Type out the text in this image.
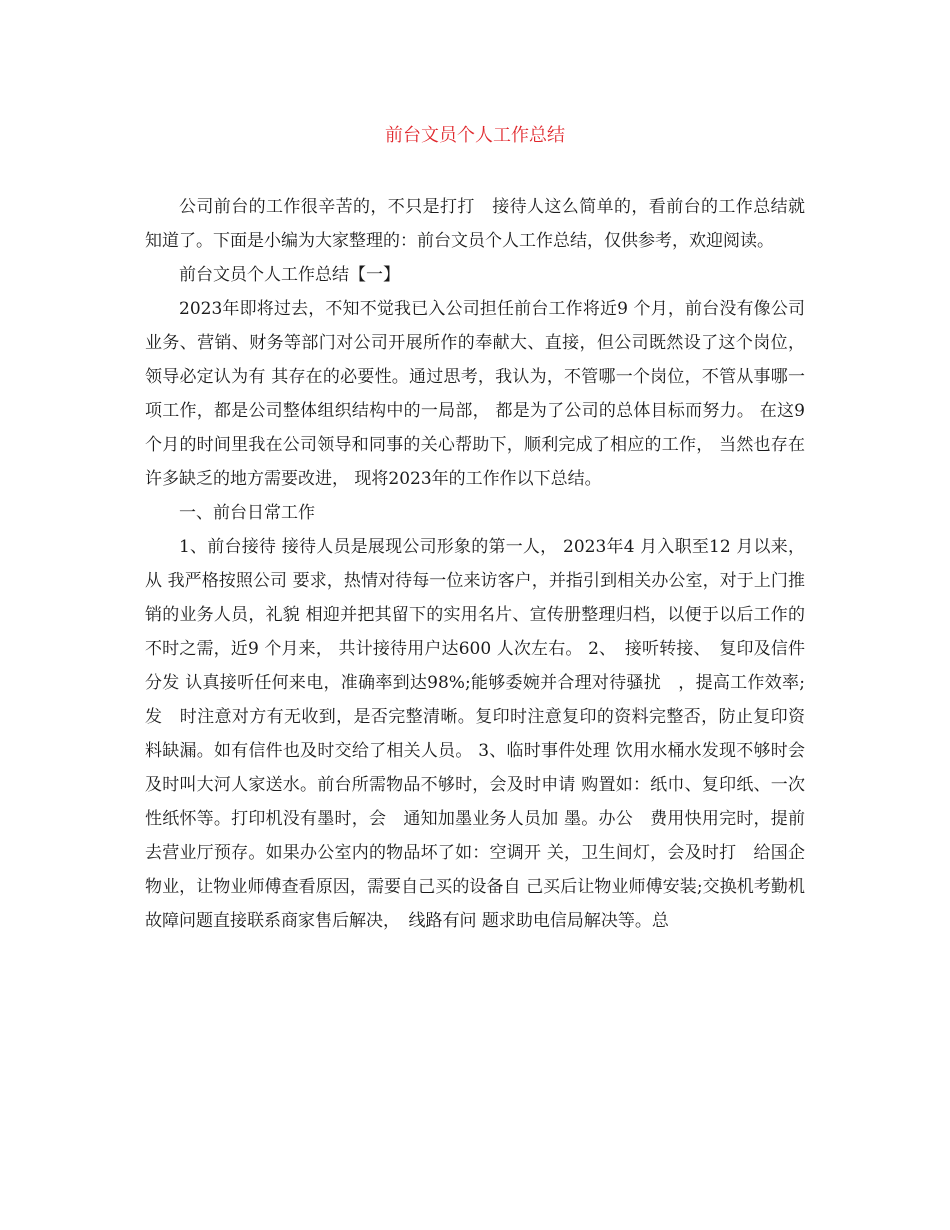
前台文员个人工作总结

公司前台的工作很辛苦的，不只是打打　接待人这么简单的，看前台的工作总结就知道了。下面是小编为大家整理的：前台文员个人工作总结，仅供参考，欢迎阅读。

前台文员个人工作总结【一】

2023年即将过去，不知不觉我已入公司担任前台工作将近9 个月，前台没有像公司业务、营销、财务等部门对公司开展所作的奉献大、直接，但公司既然设了这个岗位，领导必定认为有 其存在的必要性。通过思考，我认为，不管哪一个岗位，不管从事哪一项工作，都是公司整体组织结构中的一局部， 都是为了公司的总体目标而努力。 在这9 个月的时间里我在公司领导和同事的关心帮助下，顺利完成了相应的工作， 当然也存在许多缺乏的地方需要改进， 现将2023年的工作作以下总结。

一、前台日常工作

1、前台接待 接待人员是展现公司形象的第一人， 2023年4 月入职至12 月以来， 从 我严格按照公司 要求，热情对待每一位来访客户，并指引到相关办公室，对于上门推销的业务人员，礼貌 相迎并把其留下的实用名片、宣传册整理归档，以便于以后工作的不时之需，近9 个月来， 共计接待用户达600 人次左右。 2、　接听转接、　复印及信件分发 认真接听任何来电，准确率到达98%;能够委婉并合理对待骚扰　，提高工作效率; 发　时注意对方有无收到，是否完整清晰。复印时注意复印的资料完整否，防止复印资 料缺漏。如有信件也及时交给了相关人员。 3、临时事件处理 饮用水桶水发现不够时会及时叫大河人家送水。前台所需物品不够时，会及时申请 购置如：纸巾、复印纸、一次性纸怀等。打印机没有墨时，会　通知加墨业务人员加 墨。办公　费用快用完时，提前去营业厅预存。如果办公室内的物品坏了如：空调开 关，卫生间灯，会及时打　给国企物业，让物业师傅查看原因，需要自己买的设备自 己买后让物业师傅安装;交换机考勤机故障问题直接联系商家售后解决，　线路有问 题求助电信局解决等。总
